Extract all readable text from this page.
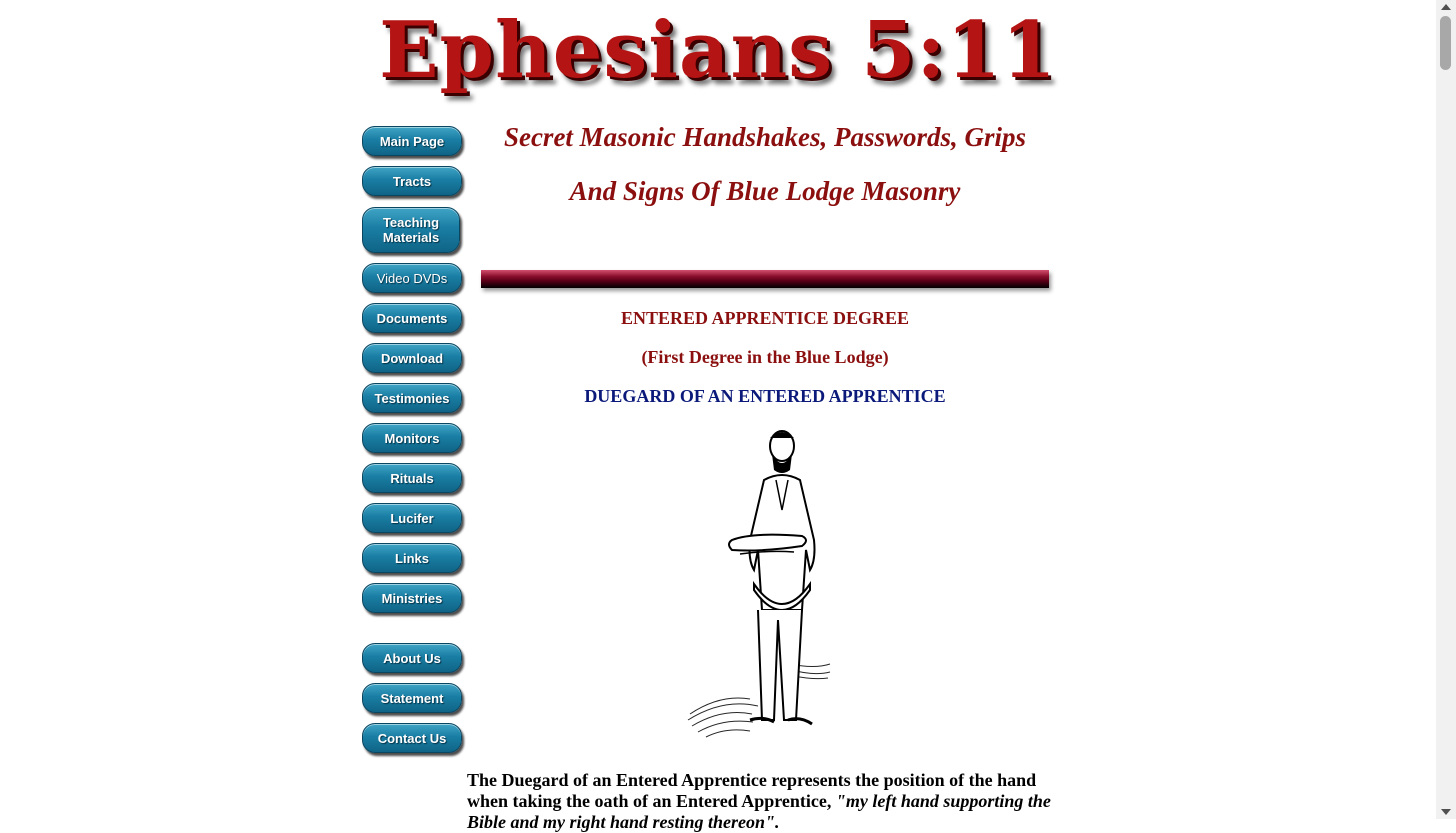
Ephesians 5:11
Main Page
Tracts
Teaching Materials
Video DVDs
Documents
Download
Testimonies
Monitors
Rituals
Lucifer
Links
Ministries
About Us
Statement
Contact Us
Secret Masonic Handshakes, Passwords, Grips
And Signs Of Blue Lodge Masonry
ENTERED APPRENTICE DEGREE
(First Degree in the Blue Lodge)
DUEGARD OF AN ENTERED APPRENTICE
The Duegard of an Entered Apprentice represents the position of the hand when taking the oath of an Entered Apprentice, "my left hand supporting the Bible and my right hand resting thereon".
